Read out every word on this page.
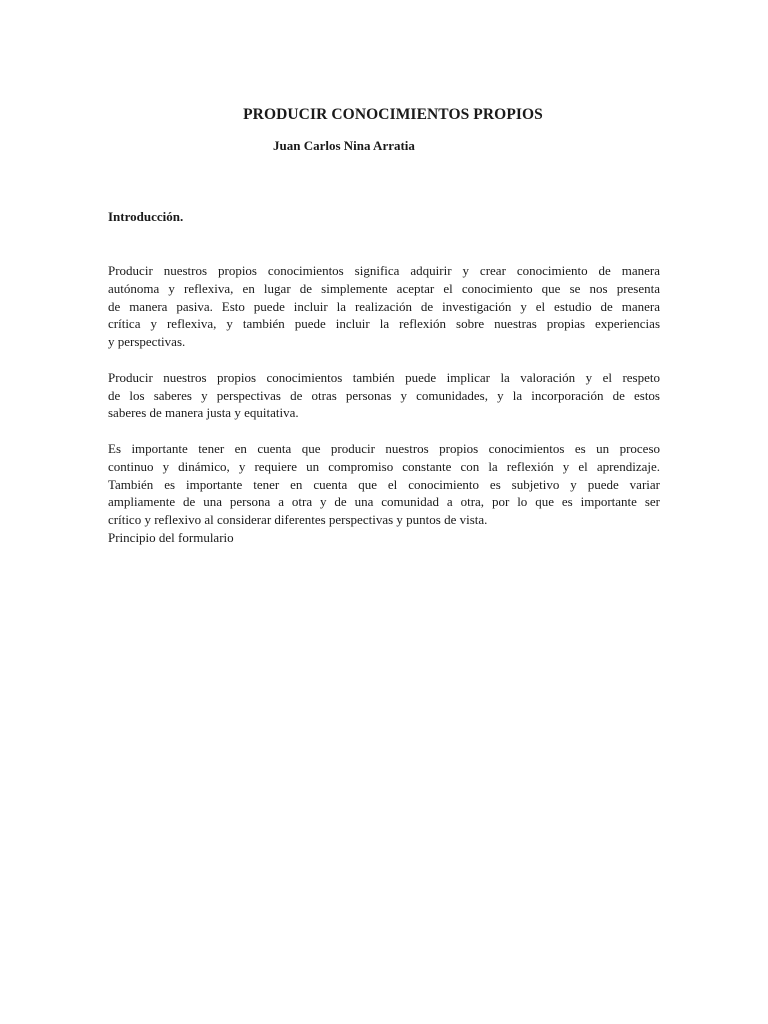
PRODUCIR CONOCIMIENTOS PROPIOS
Juan Carlos Nina Arratia
Introducción.
Producir nuestros propios conocimientos significa adquirir y crear conocimiento de manera
autónoma y reflexiva, en lugar de simplemente aceptar el conocimiento que se nos presenta
de manera pasiva. Esto puede incluir la realización de investigación y el estudio de manera
crítica y reflexiva, y también puede incluir la reflexión sobre nuestras propias experiencias
y perspectivas.
Producir nuestros propios conocimientos también puede implicar la valoración y el respeto
de los saberes y perspectivas de otras personas y comunidades, y la incorporación de estos
saberes de manera justa y equitativa.
Es importante tener en cuenta que producir nuestros propios conocimientos es un proceso
continuo y dinámico, y requiere un compromiso constante con la reflexión y el aprendizaje.
También es importante tener en cuenta que el conocimiento es subjetivo y puede variar
ampliamente de una persona a otra y de una comunidad a otra, por lo que es importante ser
crítico y reflexivo al considerar diferentes perspectivas y puntos de vista.
Principio del formulario
